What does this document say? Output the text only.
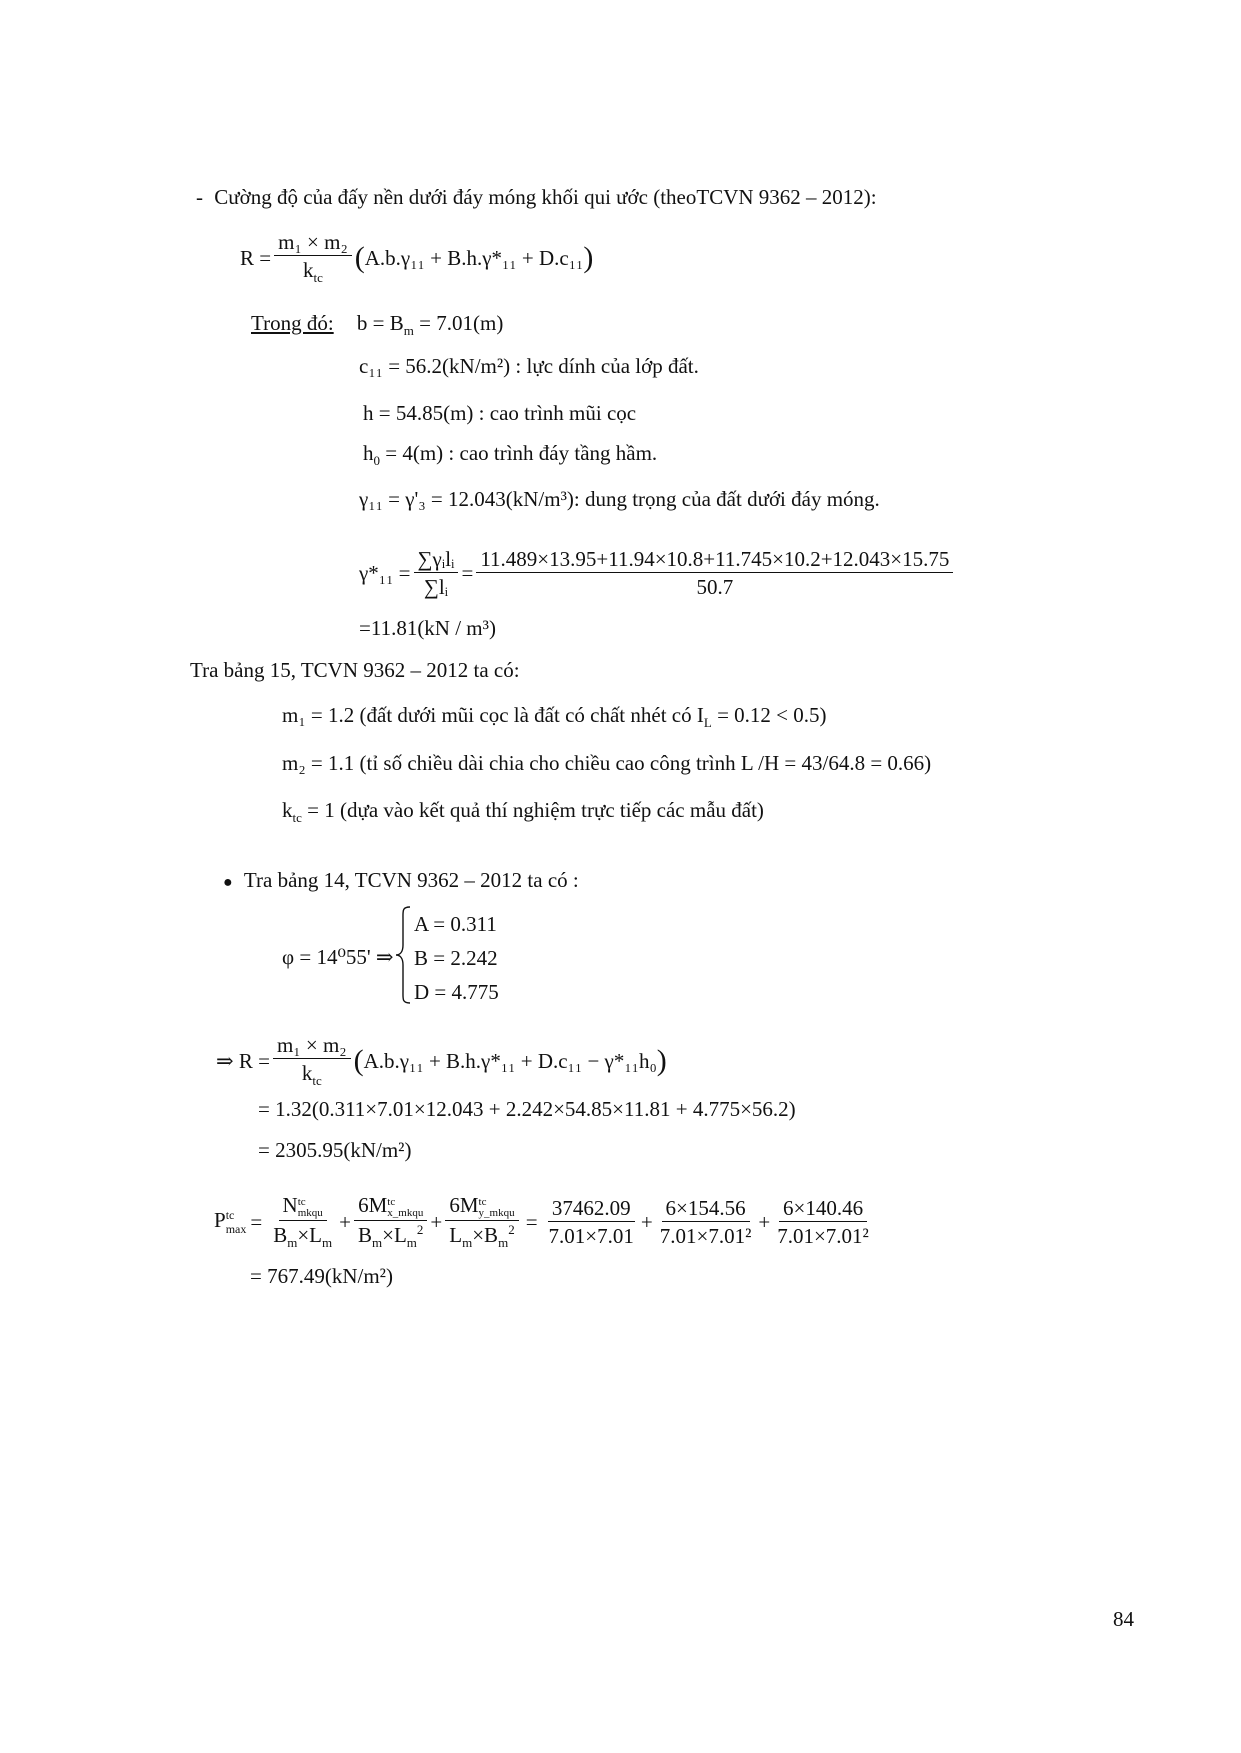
- Cường độ của đấy nền dưới đáy móng khối qui ước (theoTCVN 9362 – 2012):
$R = \frac{\text{m₁ × m₂}}{k_{tc}}$ ( A.b.γ₁₁ + B.h.γ*₁₁ + D.c₁₁ )
Trong đó: $b = B_m = 7.01(m)$
c₁₁ = 56.2(kN/m²) : lực dính của lớp đất.
h = 54.85(m) : cao trình mũi cọc
$h_0 = 4(m)$ : cao trình đáy tầng hầm.
γ₁₁ = γ'₃ = 12.043(kN/m³): dung trọng của đất dưới đáy móng.
$\gamma*_{11} = \frac{\text{∑γᵢlᵢ}}{\text{∑lᵢ}} = \frac{11.489\times 13.95+11.94\times 10.8+11.745\times 10.2+12.043\times 15.75}{50.7}$
=11.81(kN / m³)
Tra bảng 15, TCVN 9362 – 2012 ta có:
m₁ = 1.2 (đất dưới mũi cọc là đất có chất nhét có $I_L = 0.12 < 0.5$)
m₂ = 1.1 (tỉ số chiều dài chia cho chiều cao công trình L /H = 43/64.8 = 0.66)
$k_{tc} = 1$ (dựa vào kết quả thí nghiệm trực tiếp các mẫu đất)
● Tra bảng 14, TCVN 9362 – 2012 ta có :
φ = 14⁰55' ⇒
A = 0.311
B = 2.242
D = 4.775
⇒ $R = \frac{\text{m₁ × m₂}}{k_{tc}}$ ( A.b.γ₁₁ + B.h.γ*₁₁ + D.c₁₁ − γ*₁₁h₀ )
= 1.32(0.311×7.01×12.043 + 2.242×54.85×11.81 + 4.775×56.2)
= 2305.95(kN/m²)
P tc
max = N tc
mkqu
$B_m\times L_m + 6M$ tc
x_mkqu
$B_m\times L_m^2 + 6M$ tc
y_mkqu
$L_m\times B_m^2 = \frac{37462.09}{7.01\times 7.01} + \frac{6\times 154.56}{\text{7.01×7.01²}} + \frac{6\times 140.46}{\text{7.01×7.01²}}$
= 767.49(kN/m²)
84
